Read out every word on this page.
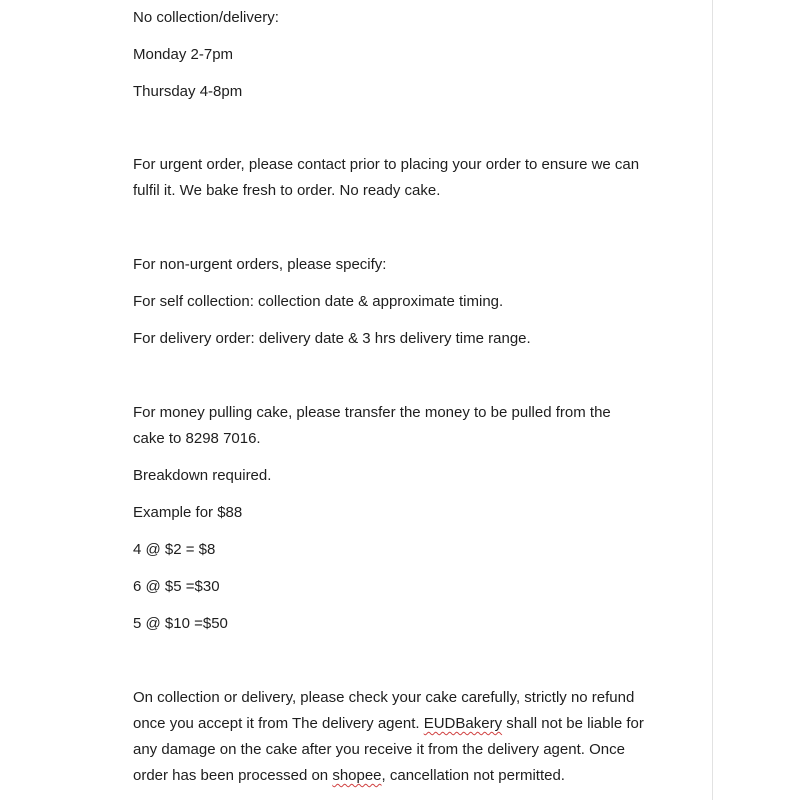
No collection/delivery:
Monday 2-7pm
Thursday 4-8pm

For urgent order, please contact prior to placing your order to ensure we can

fulfil it. We bake fresh to order. No ready cake.

For non-urgent orders, please specify:
For self collection: collection date & approximate timing.
For delivery order: delivery date & 3 hrs delivery time range.

For money pulling cake, please transfer the money to be pulled from the

cake to 8298 7016.

Breakdown required.
Example for $88
4 @ $2 = $8
6 @ $5 =$30
5 @ $10 =$50

On collection or delivery, please check your cake carefully, strictly no refund

once you accept it from The delivery agent. EUDBakery shall not be liable for

any damage on the cake after you receive it from the delivery agent. Once

order has been processed on shopee, cancellation not permitted.
